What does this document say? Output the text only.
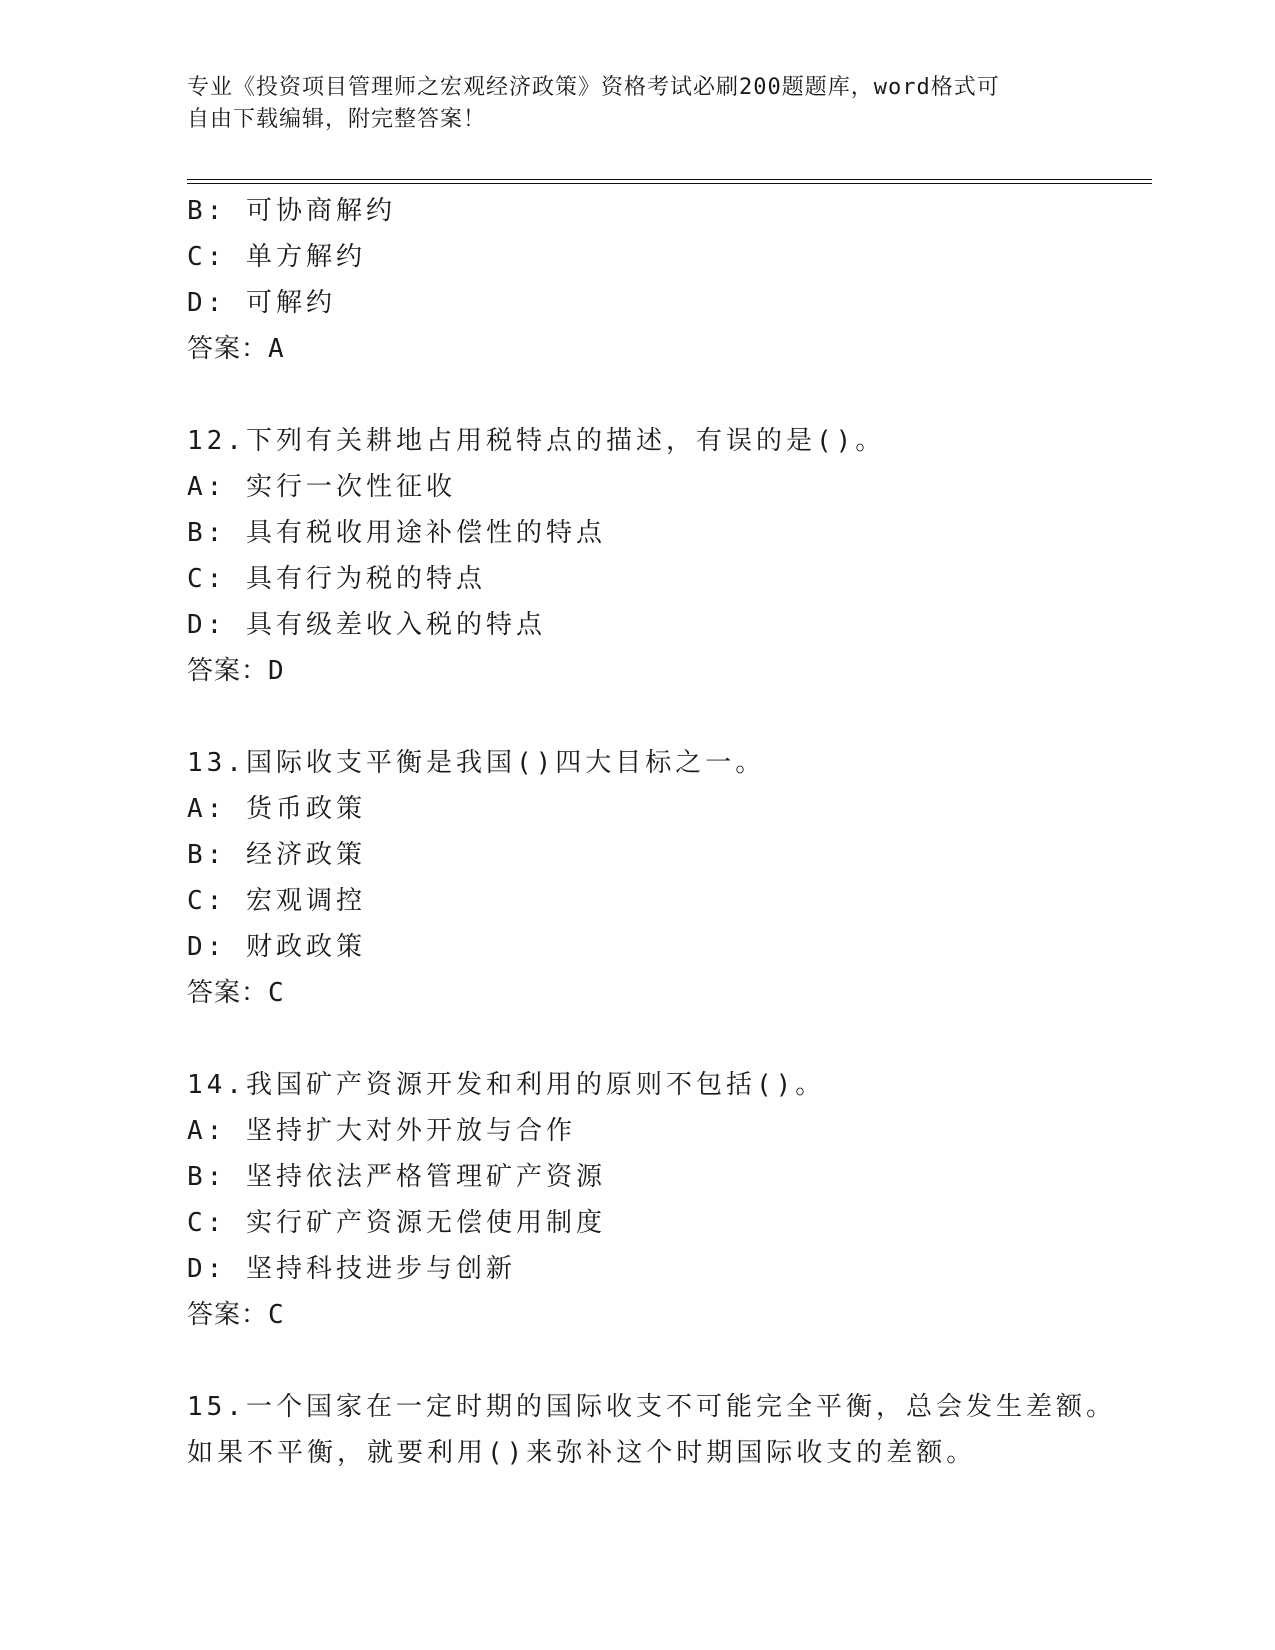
专业《投资项目管理师之宏观经济政策》资格考试必刷200题题库，word格式可
自由下载编辑，附完整答案！
B: 可协商解约
C: 单方解约
D: 可解约
答案：A
12.下列有关耕地占用税特点的描述，有误的是()。
A: 实行一次性征收
B: 具有税收用途补偿性的特点
C: 具有行为税的特点
D: 具有级差收入税的特点
答案：D
13.国际收支平衡是我国()四大目标之一。
A: 货币政策
B: 经济政策
C: 宏观调控
D: 财政政策
答案：C
14.我国矿产资源开发和利用的原则不包括()。
A: 坚持扩大对外开放与合作
B: 坚持依法严格管理矿产资源
C: 实行矿产资源无偿使用制度
D: 坚持科技进步与创新
答案：C
15.一个国家在一定时期的国际收支不可能完全平衡，总会发生差额。
如果不平衡，就要利用()来弥补这个时期国际收支的差额。
